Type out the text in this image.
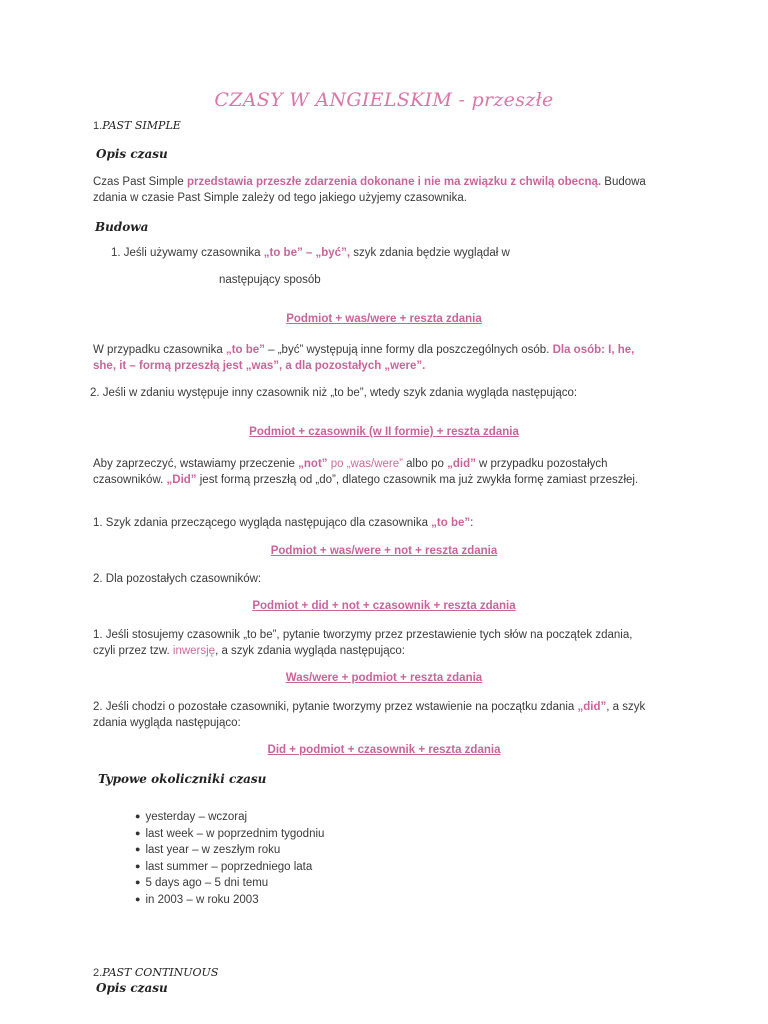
CZASY W ANGIELSKIM - przeszłe
1.PAST SIMPLE
Opis czasu
Czas Past Simple przedstawia przeszłe zdarzenia dokonane i nie ma związku z chwilą obecną. Budowa zdania w czasie Past Simple zależy od tego jakiego użyjemy czasownika.
Budowa
1. Jeśli używamy czasownika „to be” – „być”, szyk zdania będzie wyglądał w
następujący sposób
Podmiot + was/were + reszta zdania
W przypadku czasownika „to be” – „być” występują inne formy dla poszczególnych osób. Dla osób: I, he, she, it – formą przeszłą jest „was”, a dla pozostałych „were”.
2. Jeśli w zdaniu występuje inny czasownik niż „to be”, wtedy szyk zdania wygląda następująco:
Podmiot + czasownik (w II formie) + reszta zdania
Aby zaprzeczyć, wstawiamy przeczenie „not” po „was/were” albo po „did” w przypadku pozostałych czasowników. „Did” jest formą przeszłą od „do”, dlatego czasownik ma już zwykła formę zamiast przeszłej.
1. Szyk zdania przeczącego wygląda następująco dla czasownika „to be”:
Podmiot + was/were + not + reszta zdania
2. Dla pozostałych czasowników:
Podmiot + did + not + czasownik + reszta zdania
1. Jeśli stosujemy czasownik „to be”, pytanie tworzymy przez przestawienie tych słów na początek zdania, czyli przez tzw. inwersję, a szyk zdania wygląda następująco:
Was/were + podmiot + reszta zdania
2. Jeśli chodzi o pozostałe czasowniki, pytanie tworzymy przez wstawienie na początku zdania „did”, a szyk zdania wygląda następująco:
Did + podmiot + czasownik + reszta zdania
Typowe okoliczniki czasu
● yesterday – wczoraj
● last week – w poprzednim tygodniu
● last year – w zeszłym roku
● last summer – poprzedniego lata
● 5 days ago – 5 dni temu
● in 2003 – w roku 2003
2.PAST CONTINUOUS
Opis czasu
